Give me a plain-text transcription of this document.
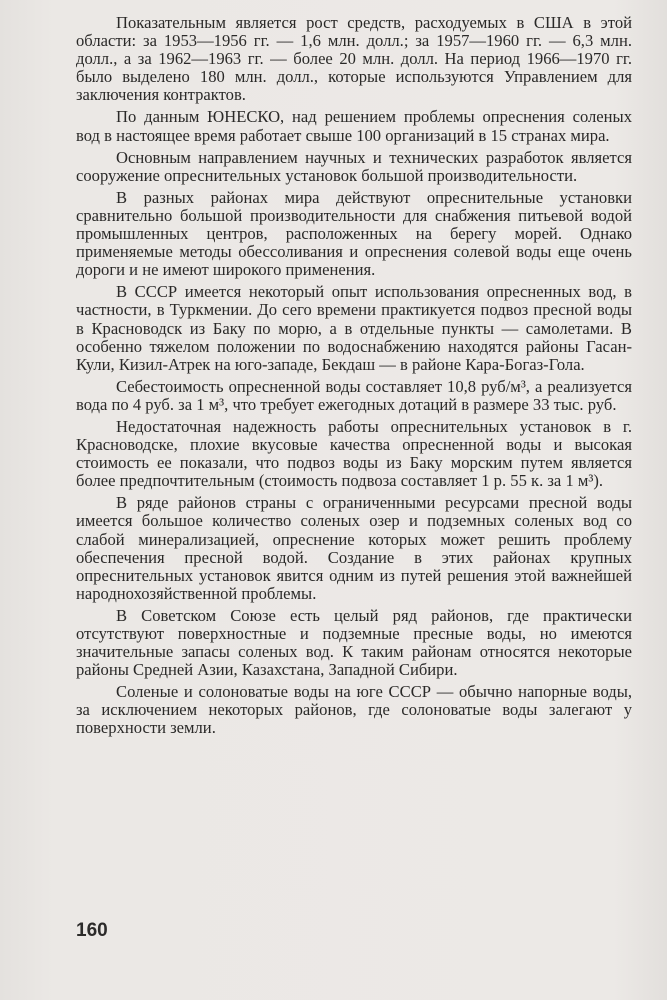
Показательным является рост средств, расходуемых в США в этой области: за 1953—1956 гг. — 1,6 млн. долл.; за 1957—1960 гг. — 6,3 млн. долл., а за 1962—1963 гг. — более 20 млн. долл. На период 1966—1970 гг. было выделено 180 млн. долл., которые используются Управлением для заключения контрактов.

По данным ЮНЕСКО, над решением проблемы опреснения соленых вод в настоящее время работает свыше 100 организаций в 15 странах мира.

Основным направлением научных и технических разработок является сооружение опреснительных установок большой производительности.

В разных районах мира действуют опреснительные установки сравнительно большой производительности для снабжения питьевой водой промышленных центров, расположенных на берегу морей. Однако применяемые методы обессоливания и опреснения солевой воды еще очень дороги и не имеют широкого применения.

В СССР имеется некоторый опыт использования опресненных вод, в частности, в Туркмении. До сего времени практикуется подвоз пресной воды в Красноводск из Баку по морю, а в отдельные пункты — самолетами. В особенно тяжелом положении по водоснабжению находятся районы Гасан-Кули, Кизил-Атрек на юго-западе, Бекдаш — в районе Кара-Богаз-Гола.

Себестоимость опресненной воды составляет 10,8 руб/м³, а реализуется вода по 4 руб. за 1 м³, что требует ежегодных дотаций в размере 33 тыс. руб.

Недостаточная надежность работы опреснительных установок в г. Красноводске, плохие вкусовые качества опресненной воды и высокая стоимость ее показали, что подвоз воды из Баку морским путем является более предпочтительным (стоимость подвоза составляет 1 р. 55 к. за 1 м³).

В ряде районов страны с ограниченными ресурсами пресной воды имеется большое количество соленых озер и подземных соленых вод со слабой минерализацией, опреснение которых может решить проблему обеспечения пресной водой. Создание в этих районах крупных опреснительных установок явится одним из путей решения этой важнейшей народнохозяйственной проблемы.

В Советском Союзе есть целый ряд районов, где практически отсутствуют поверхностные и подземные пресные воды, но имеются значительные запасы соленых вод. К таким районам относятся некоторые районы Средней Азии, Казахстана, Западной Сибири.

Соленые и солоноватые воды на юге СССР — обычно напорные воды, за исключением некоторых районов, где солоноватые воды залегают у поверхности земли.

160
